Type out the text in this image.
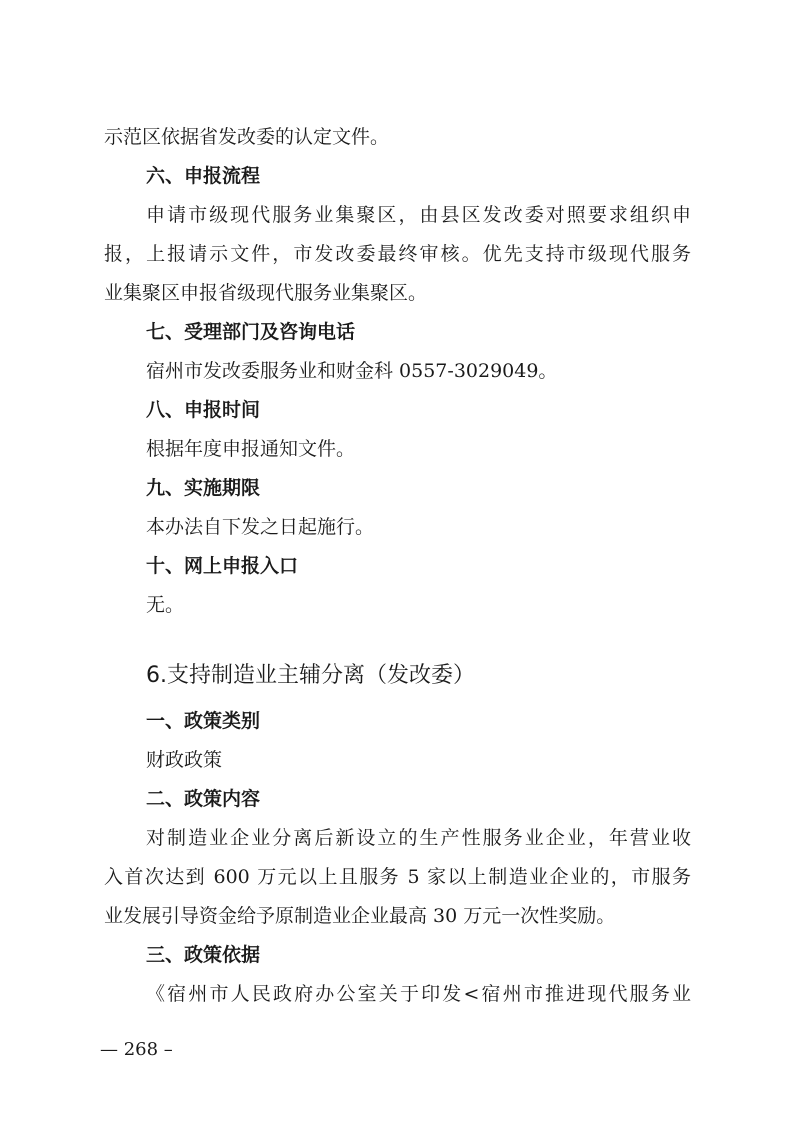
示范区依据省发改委的认定文件。

六、申报流程

申请市级现代服务业集聚区，由县区发改委对照要求组织申

报，上报请示文件，市发改委最终审核。优先支持市级现代服务

业集聚区申报省级现代服务业集聚区。

七、受理部门及咨询电话

宿州市发改委服务业和财金科 0557-3029049。

八、申报时间

根据年度申报通知文件。

九、实施期限

本办法自下发之日起施行。

十、网上申报入口

无。

6.支持制造业主辅分离（发改委）

一、政策类别

财政政策

二、政策内容

对制造业企业分离后新设立的生产性服务业企业，年营业收

入首次达到 600 万元以上且服务 5 家以上制造业企业的，市服务

业发展引导资金给予原制造业企业最高 30 万元一次性奖励。

三、政策依据

《宿州市人民政府办公室关于印发<宿州市推进现代服务业

— 268 –
